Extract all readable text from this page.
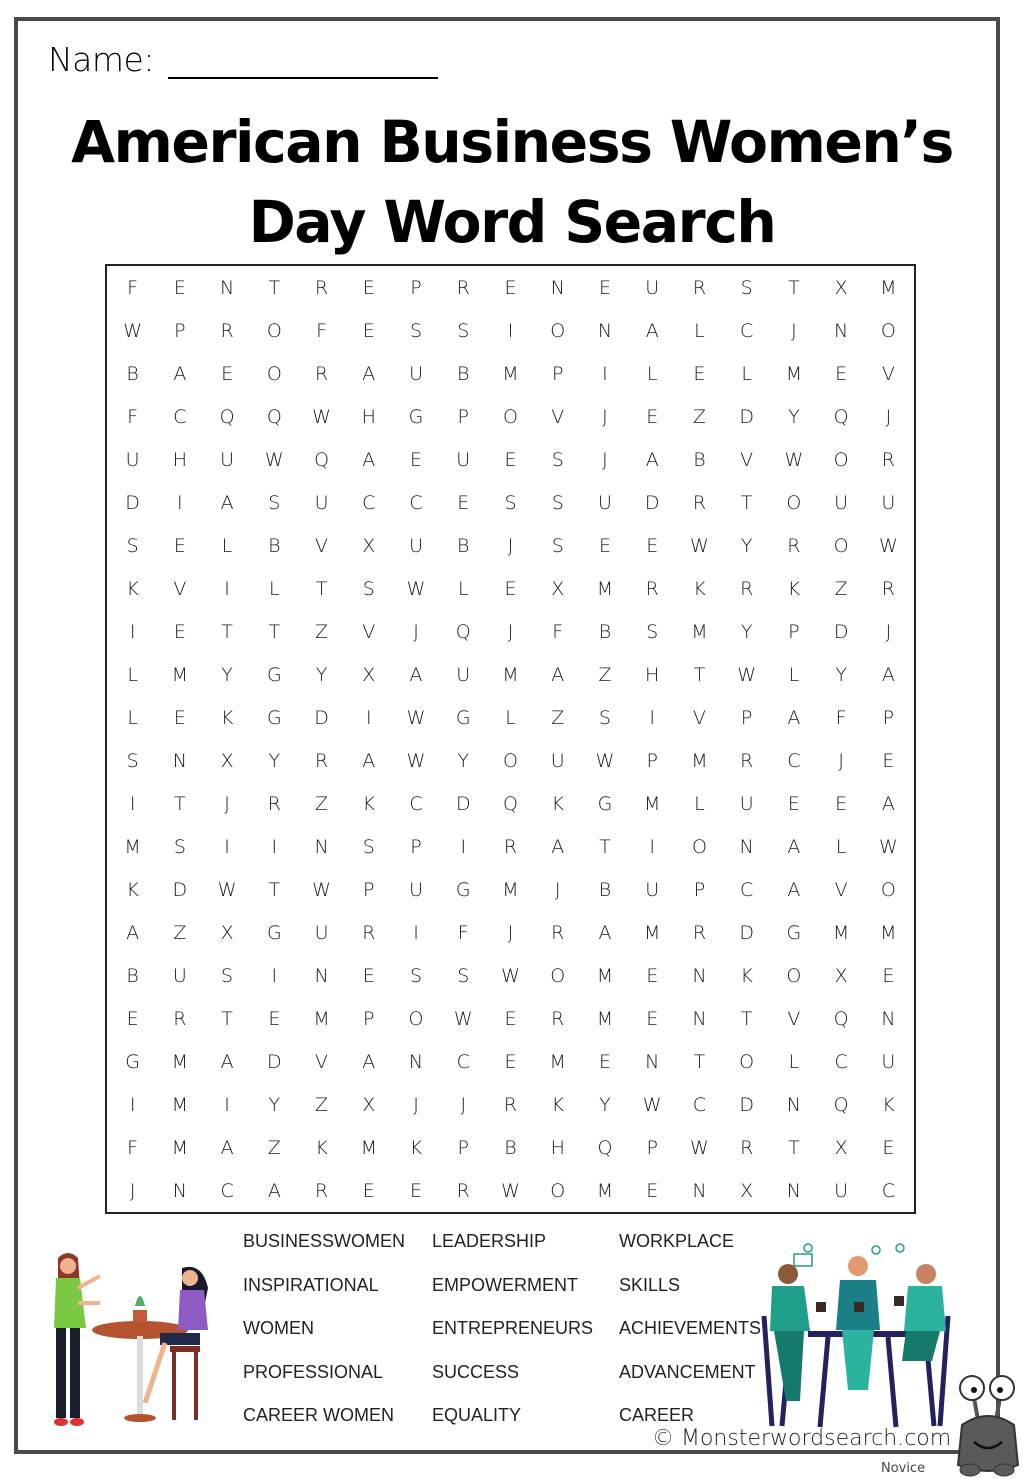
Name:
American Business Women’s
Day Word Search
F	E	N	T	R	E	P	R	E	N	E	U	R	S	T	X	M
W	P	R	O	F	E	S	S	I	O	N	A	L	C	J	N	O
B	A	E	O	R	A	U	B	M	P	I	L	E	L	M	E	V
F	C	Q	Q	W	H	G	P	O	V	J	E	Z	D	Y	Q	J
U	H	U	W	Q	A	E	U	E	S	J	A	B	V	W	O	R
D	I	A	S	U	C	C	E	S	S	U	D	R	T	O	U	U
S	E	L	B	V	X	U	B	J	S	E	E	W	Y	R	O	W
K	V	I	L	T	S	W	L	E	X	M	R	K	R	K	Z	R
I	E	T	T	Z	V	J	Q	J	F	B	S	M	Y	P	D	J
L	M	Y	G	Y	X	A	U	M	A	Z	H	T	W	L	Y	A
L	E	K	G	D	I	W	G	L	Z	S	I	V	P	A	F	P
S	N	X	Y	R	A	W	Y	O	U	W	P	M	R	C	J	E
I	T	J	R	Z	K	C	D	Q	K	G	M	L	U	E	E	A
M	S	I	I	N	S	P	I	R	A	T	I	O	N	A	L	W
K	D	W	T	W	P	U	G	M	J	B	U	P	C	A	V	O
A	Z	X	G	U	R	I	F	J	R	A	M	R	D	G	M	M
B	U	S	I	N	E	S	S	W	O	M	E	N	K	O	X	E
E	R	T	E	M	P	O	W	E	R	M	E	N	T	V	Q	N
G	M	A	D	V	A	N	C	E	M	E	N	T	O	L	C	U
I	M	I	Y	Z	X	J	J	R	K	Y	W	C	D	N	Q	K
F	M	A	Z	K	M	K	P	B	H	Q	P	W	R	T	X	E
J	N	C	A	R	E	E	R	W	O	M	E	N	X	N	U	C
BUSINESSWOMEN	LEADERSHIP	WORKPLACE
INSPIRATIONAL	EMPOWERMENT	SKILLS
WOMEN	ENTREPRENEURS	ACHIEVEMENTS
PROFESSIONAL	SUCCESS	ADVANCEMENT
CAREER WOMEN	EQUALITY	CAREER
© Monsterwordsearch.com
Novice
